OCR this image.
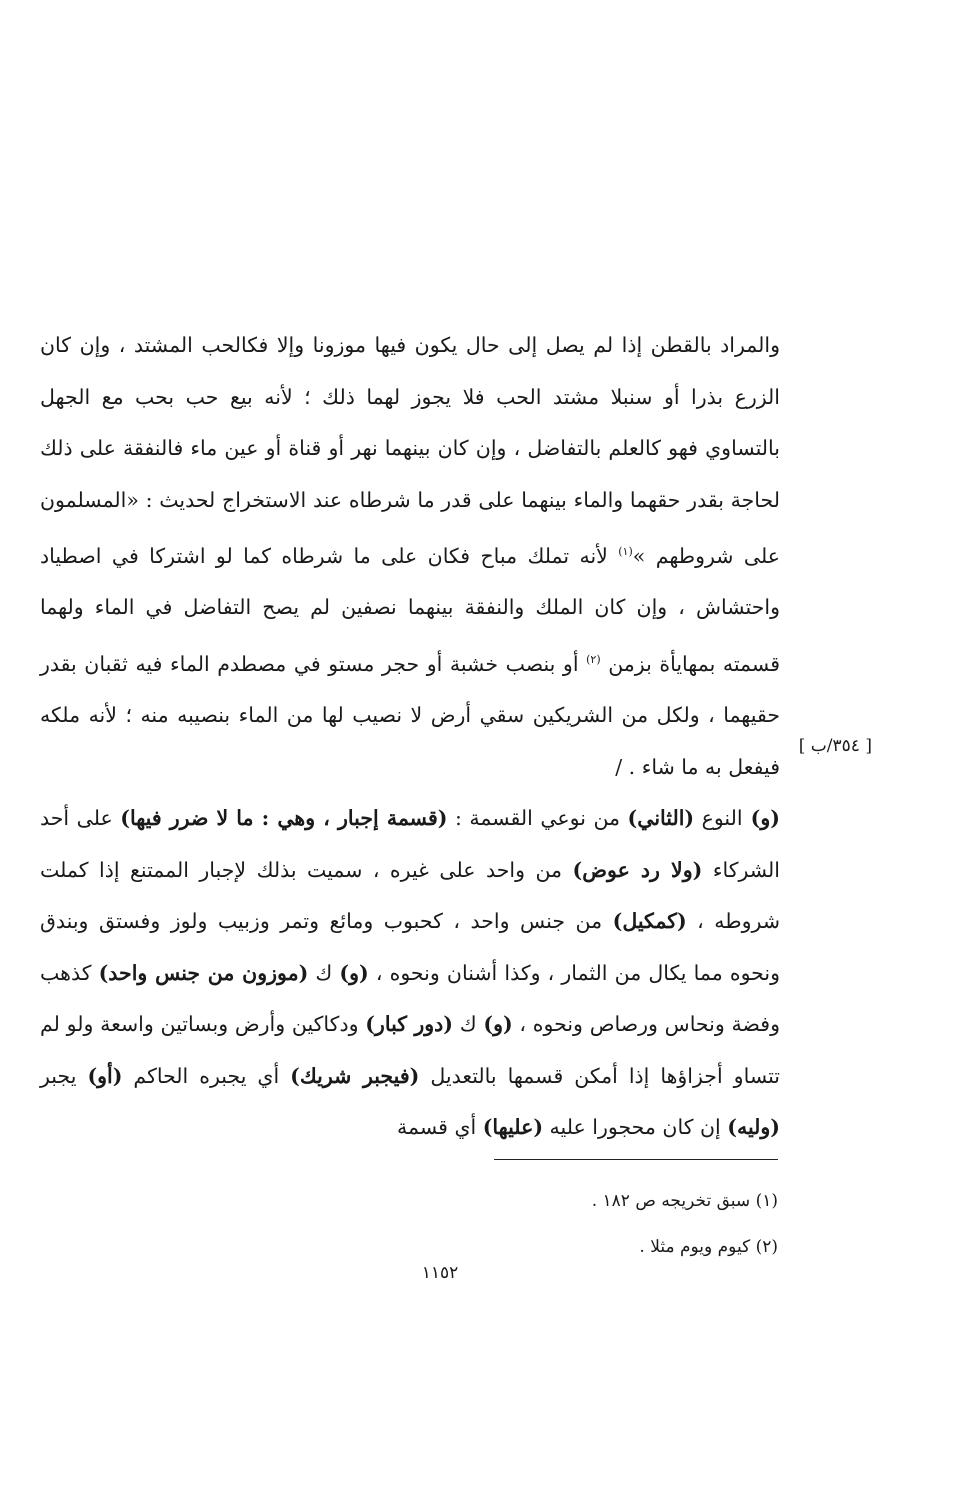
والمراد بالقطن إذا لم يصل إلى حال يكون فيها موزونا وإلا فكالحب المشتد ، وإن كان الزرع بذرا أو سنبلا مشتد الحب فلا يجوز لهما ذلك ؛ لأنه بيع حب بحب مع الجهل بالتساوي فهو كالعلم بالتفاضل ، وإن كان بينهما نهر أو قناة أو عين ماء فالنفقة على ذلك لحاجة بقدر حقهما والماء بينهما على قدر ما شرطاه عند الاستخراج لحديث : «المسلمون على شروطهم »$^{(١)}$ لأنه تملك مباح فكان على ما شرطاه كما لو اشتركا في اصطياد واحتشاش ، وإن كان الملك والنفقة بينهما نصفين لم يصح التفاضل في الماء ولهما قسمته بمهايأة بزمن $^{(٢)}$ أو بنصب خشبة أو حجر مستو في مصطدم الماء فيه ثقبان بقدر حقيهما ، ولكل من الشريكين سقي أرض لا نصيب لها من الماء بنصيبه منه ؛ لأنه ملكه فيفعل به ما شاء . /

(و) النوع (الثاني) من نوعي القسمة : (قسمة إجبار ، وهي : ما لا ضرر فيها) على أحد الشركاء (ولا رد عوض) من واحد على غيره ، سميت بذلك لإجبار الممتنع إذا كملت شروطه ، (كمكيل) من جنس واحد ، كحبوب ومائع وتمر وزبيب ولوز وفستق وبندق ونحوه مما يكال من الثمار ، وكذا أشنان ونحوه ، (و) ك (موزون من جنس واحد) كذهب وفضة ونحاس ورصاص ونحوه ، (و) ك (دور كبار) ودكاكين وأرض وبساتين واسعة ولو لم تتساو أجزاؤها إذا أمكن قسمها بالتعديل (فيجبر شريك) أي يجبره الحاكم (أو) يجبر (وليه) إن كان محجورا عليه (عليها) أي قسمة

[ ٣٥٤/ب ]
(١) سبق تخريجه ص ١٨٢ .
(٢) كيوم ويوم مثلا .
١١٥٢
